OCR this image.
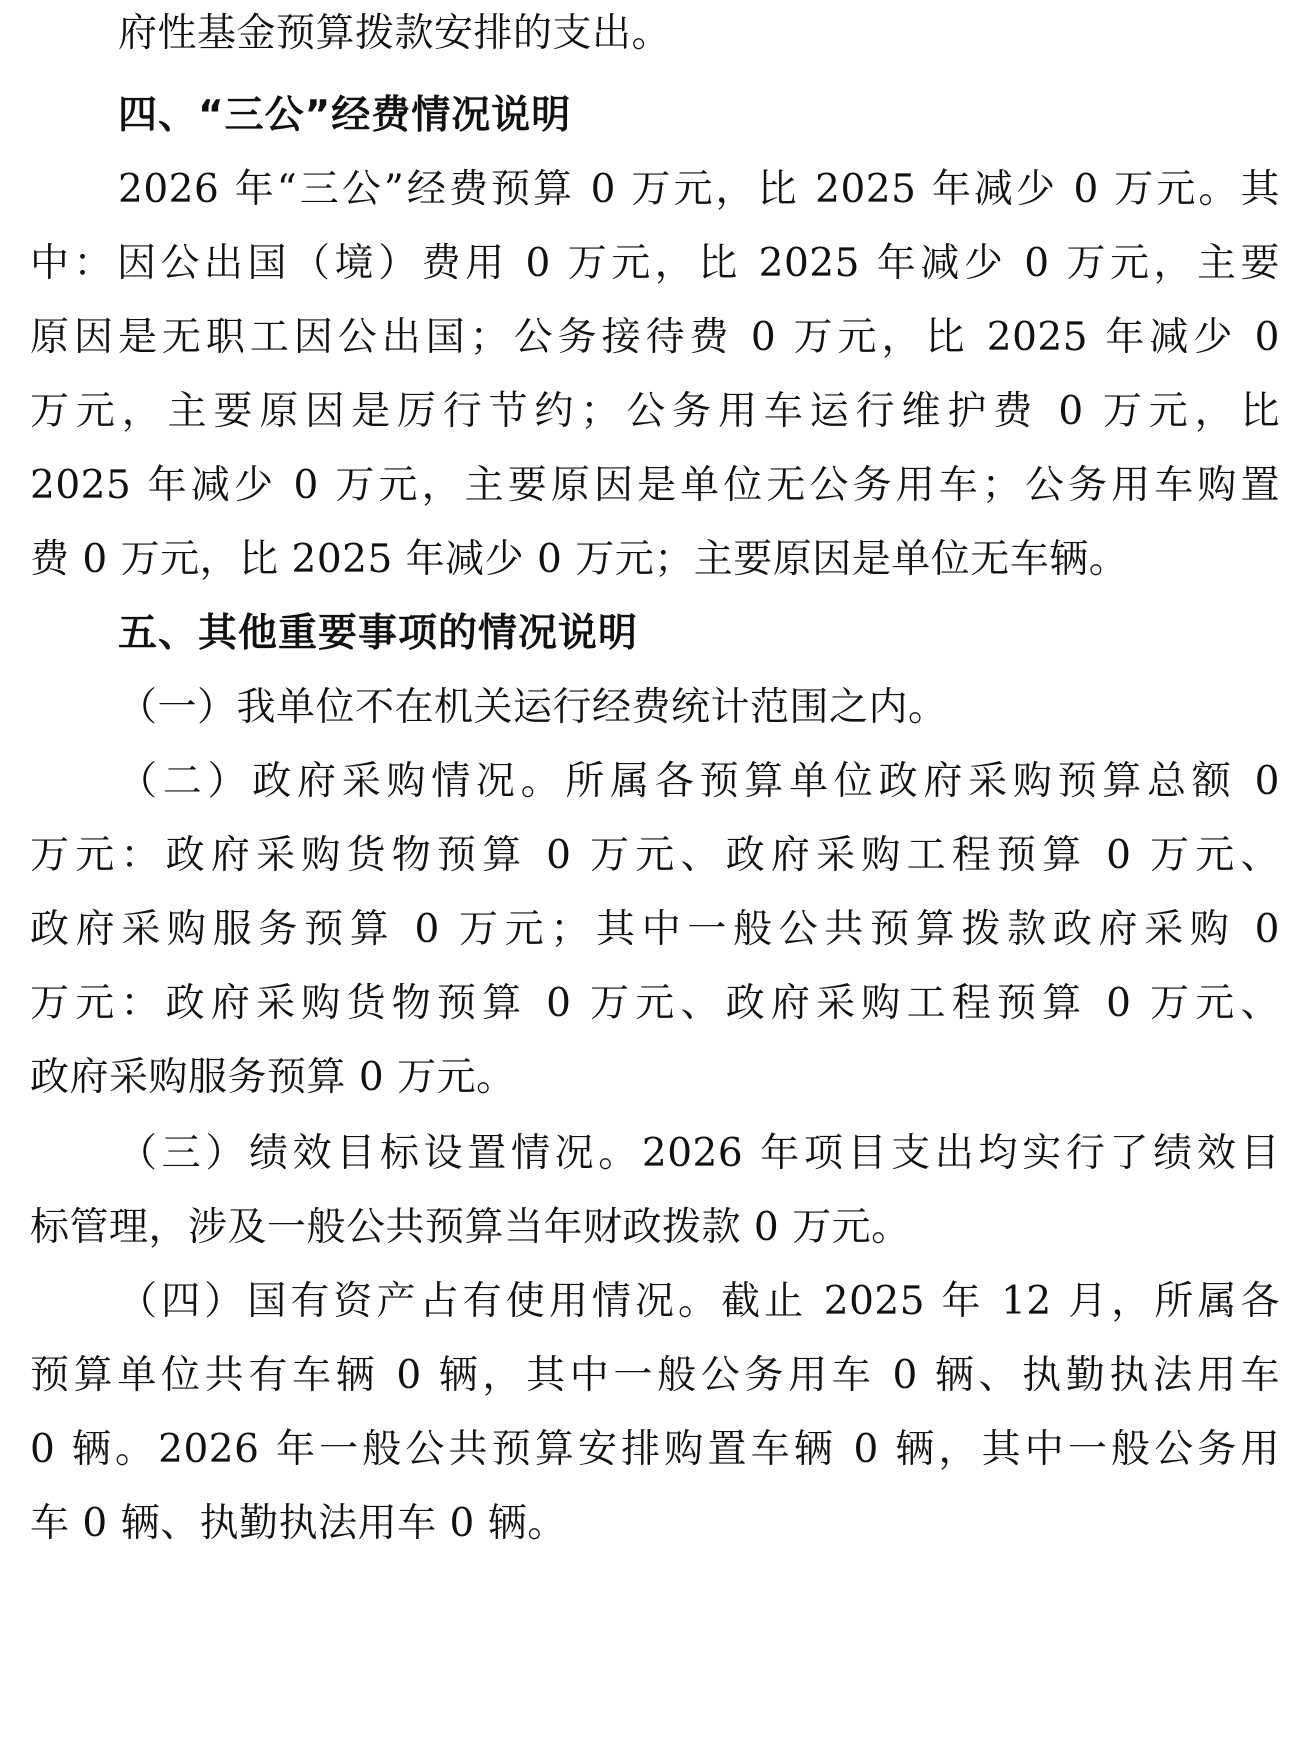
府性基金预算拨款安排的支出。
四、“三公”经费情况说明
2026 年“三公”经费预算 0 万元，比 2025 年减少 0 万元。其
中：因公出国（境）费用 0 万元，比 2025 年减少 0 万元，主要
原因是无职工因公出国；公务接待费 0 万元，比 2025 年减少 0
万元，主要原因是厉行节约；公务用车运行维护费 0 万元，比
2025 年减少 0 万元，主要原因是单位无公务用车；公务用车购置
费 0 万元，比 2025 年减少 0 万元；主要原因是单位无车辆。
五、其他重要事项的情况说明
（一）我单位不在机关运行经费统计范围之内。
（二）政府采购情况。所属各预算单位政府采购预算总额 0
万元：政府采购货物预算 0 万元、政府采购工程预算 0 万元、
政府采购服务预算 0 万元；其中一般公共预算拨款政府采购 0
万元：政府采购货物预算 0 万元、政府采购工程预算 0 万元、
政府采购服务预算 0 万元。
（三）绩效目标设置情况。2026 年项目支出均实行了绩效目
标管理，涉及一般公共预算当年财政拨款 0 万元。
（四）国有资产占有使用情况。截止 2025 年 12 月，所属各
预算单位共有车辆 0 辆，其中一般公务用车 0 辆、执勤执法用车
0 辆。2026 年一般公共预算安排购置车辆 0 辆，其中一般公务用
车 0 辆、执勤执法用车 0 辆。
